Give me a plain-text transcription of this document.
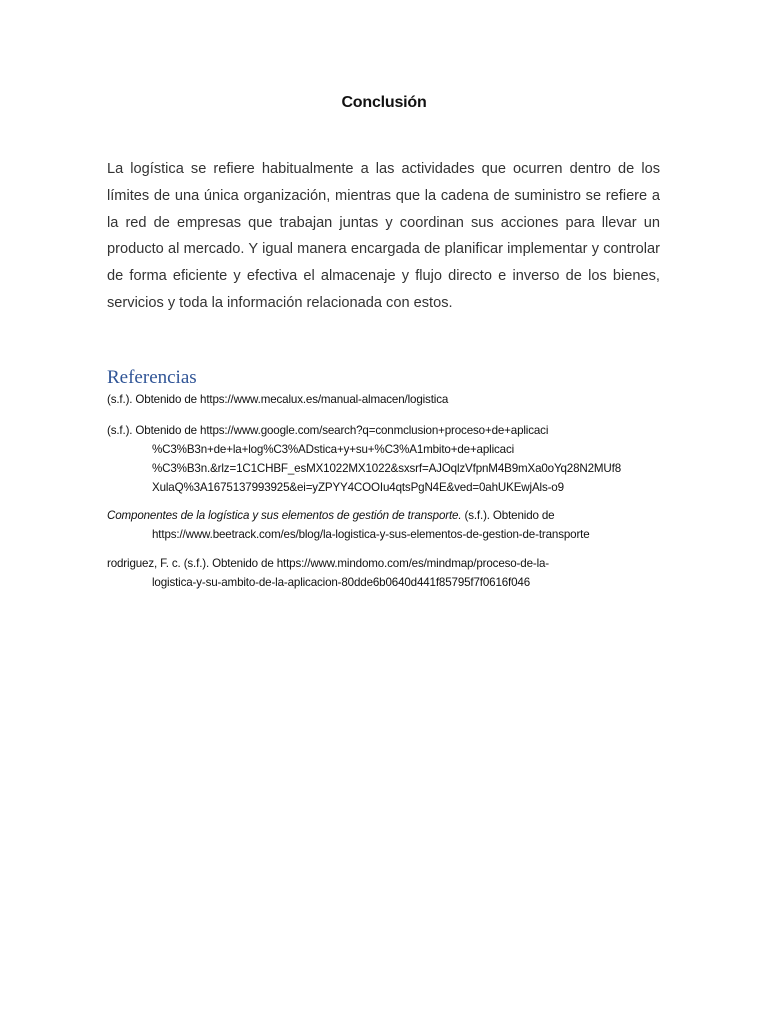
Conclusión
La logística se refiere habitualmente a las actividades que ocurren dentro de los límites de una única organización, mientras que la cadena de suministro se refiere a la red de empresas que trabajan juntas y coordinan sus acciones para llevar un producto al mercado. Y igual manera encargada de planificar implementar y controlar de forma eficiente y efectiva el almacenaje y flujo directo e inverso de los bienes, servicios y toda la información relacionada con estos.
Referencias
(s.f.). Obtenido de https://www.mecalux.es/manual-almacen/logistica
(s.f.). Obtenido de https://www.google.com/search?q=conmclusion+proceso+de+aplicaci
%C3%B3n+de+la+log%C3%ADstica+y+su+%C3%A1mbito+de+aplicaci
%C3%B3n.&rlz=1C1CHBF_esMX1022MX1022&sxsrf=AJOqlzVfpnM4B9mXa0oYq28N2MUf8
XulaQ%3A1675137993925&ei=yZPYY4COOIu4qtsPgN4E&ved=0ahUKEwjAls-o9
Componentes de la logística y sus elementos de gestión de transporte. (s.f.). Obtenido de
https://www.beetrack.com/es/blog/la-logistica-y-sus-elementos-de-gestion-de-transporte
rodriguez, F. c. (s.f.). Obtenido de https://www.mindomo.com/es/mindmap/proceso-de-la-
logistica-y-su-ambito-de-la-aplicacion-80dde6b0640d441f85795f7f0616f046
